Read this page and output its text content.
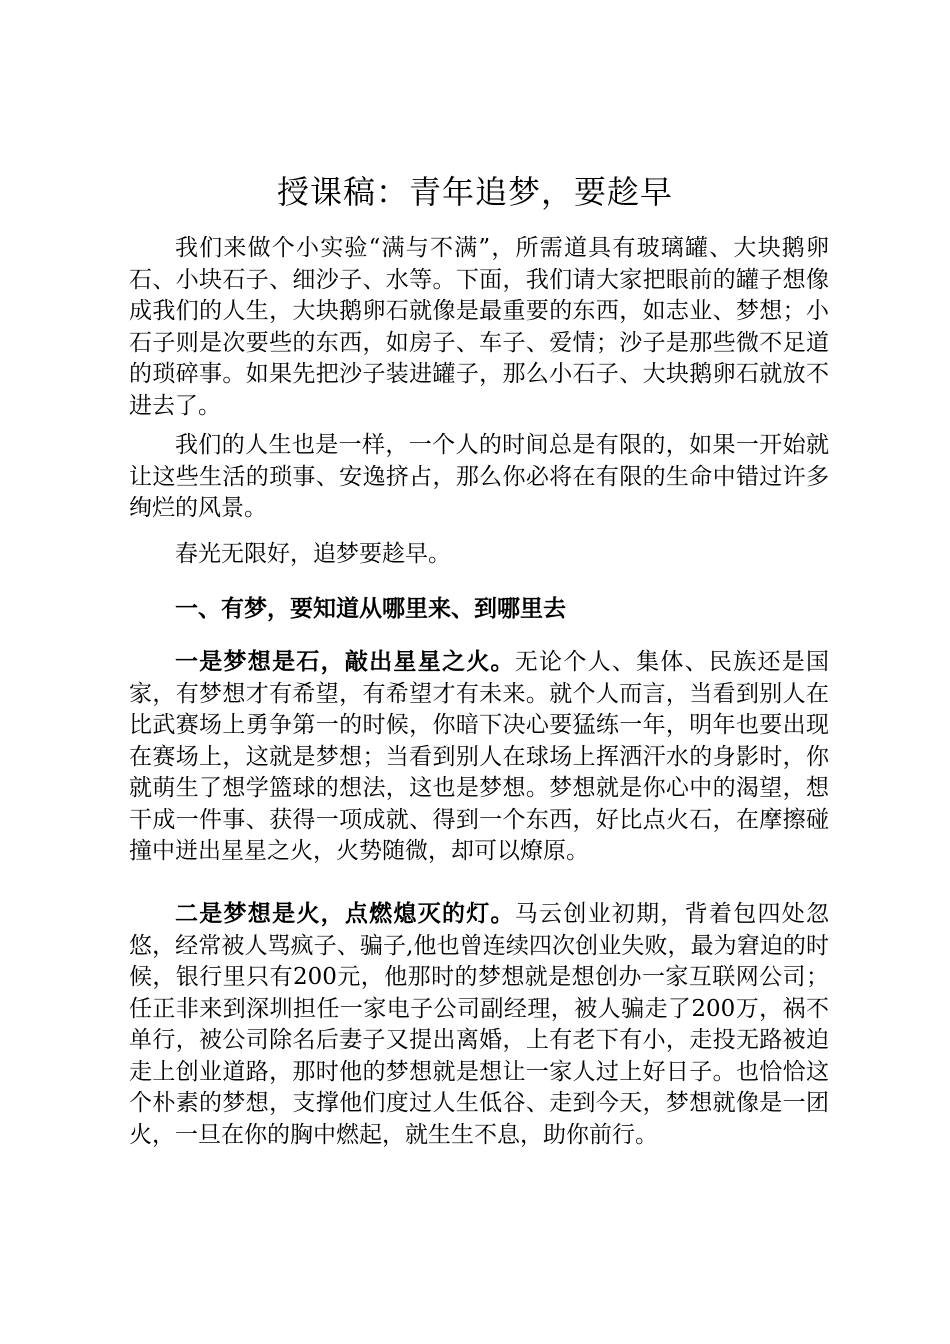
授课稿：青年追梦，要趁早

我们来做个小实验“满与不满”，所需道具有玻璃罐、大块鹅卵石、小块石子、细沙子、水等。下面，我们请大家把眼前的罐子想像成我们的人生，大块鹅卵石就像是最重要的东西，如志业、梦想；小石子则是次要些的东西，如房子、车子、爱情；沙子是那些微不足道的琐碎事。如果先把沙子装进罐子，那么小石子、大块鹅卵石就放不进去了。

我们的人生也是一样，一个人的时间总是有限的，如果一开始就让这些生活的琐事、安逸挤占，那么你必将在有限的生命中错过许多绚烂的风景。

春光无限好，追梦要趁早。

一、有梦，要知道从哪里来、到哪里去

一是梦想是石，敲出星星之火。无论个人、集体、民族还是国家，有梦想才有希望，有希望才有未来。就个人而言，当看到别人在比武赛场上勇争第一的时候，你暗下决心要猛练一年，明年也要出现在赛场上，这就是梦想；当看到别人在球场上挥洒汗水的身影时，你就萌生了想学篮球的想法，这也是梦想。梦想就是你心中的渴望，想干成一件事、获得一项成就、得到一个东西，好比点火石，在摩擦碰撞中迸出星星之火，火势随微，却可以燎原。

二是梦想是火，点燃熄灭的灯。马云创业初期，背着包四处忽悠，经常被人骂疯子、骗子,他也曾连续四次创业失败，最为窘迫的时候，银行里只有200元，他那时的梦想就是想创办一家互联网公司；任正非来到深圳担任一家电子公司副经理，被人骗走了200万，祸不单行，被公司除名后妻子又提出离婚，上有老下有小，走投无路被迫走上创业道路，那时他的梦想就是想让一家人过上好日子。也恰恰这个朴素的梦想，支撑他们度过人生低谷、走到今天，梦想就像是一团火，一旦在你的胸中燃起，就生生不息，助你前行。
